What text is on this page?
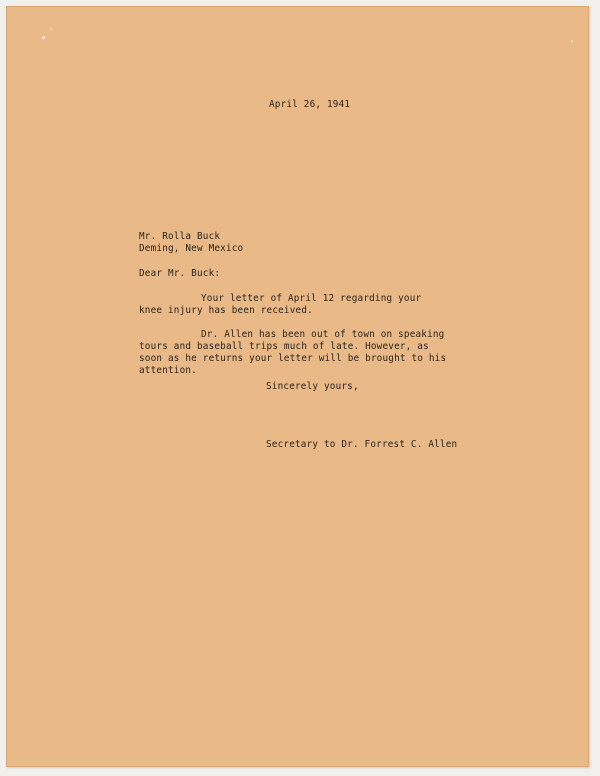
April 26, 1941
Mr. Rolla Buck
Deming, New Mexico
Dear Mr. Buck:
Your letter of April 12 regarding your
knee injury has been received.
Dr. Allen has been out of town on speaking
tours and baseball trips much of late. However, as
soon as he returns your letter will be brought to his
attention.
Sincerely yours,
Secretary to Dr. Forrest C. Allen
